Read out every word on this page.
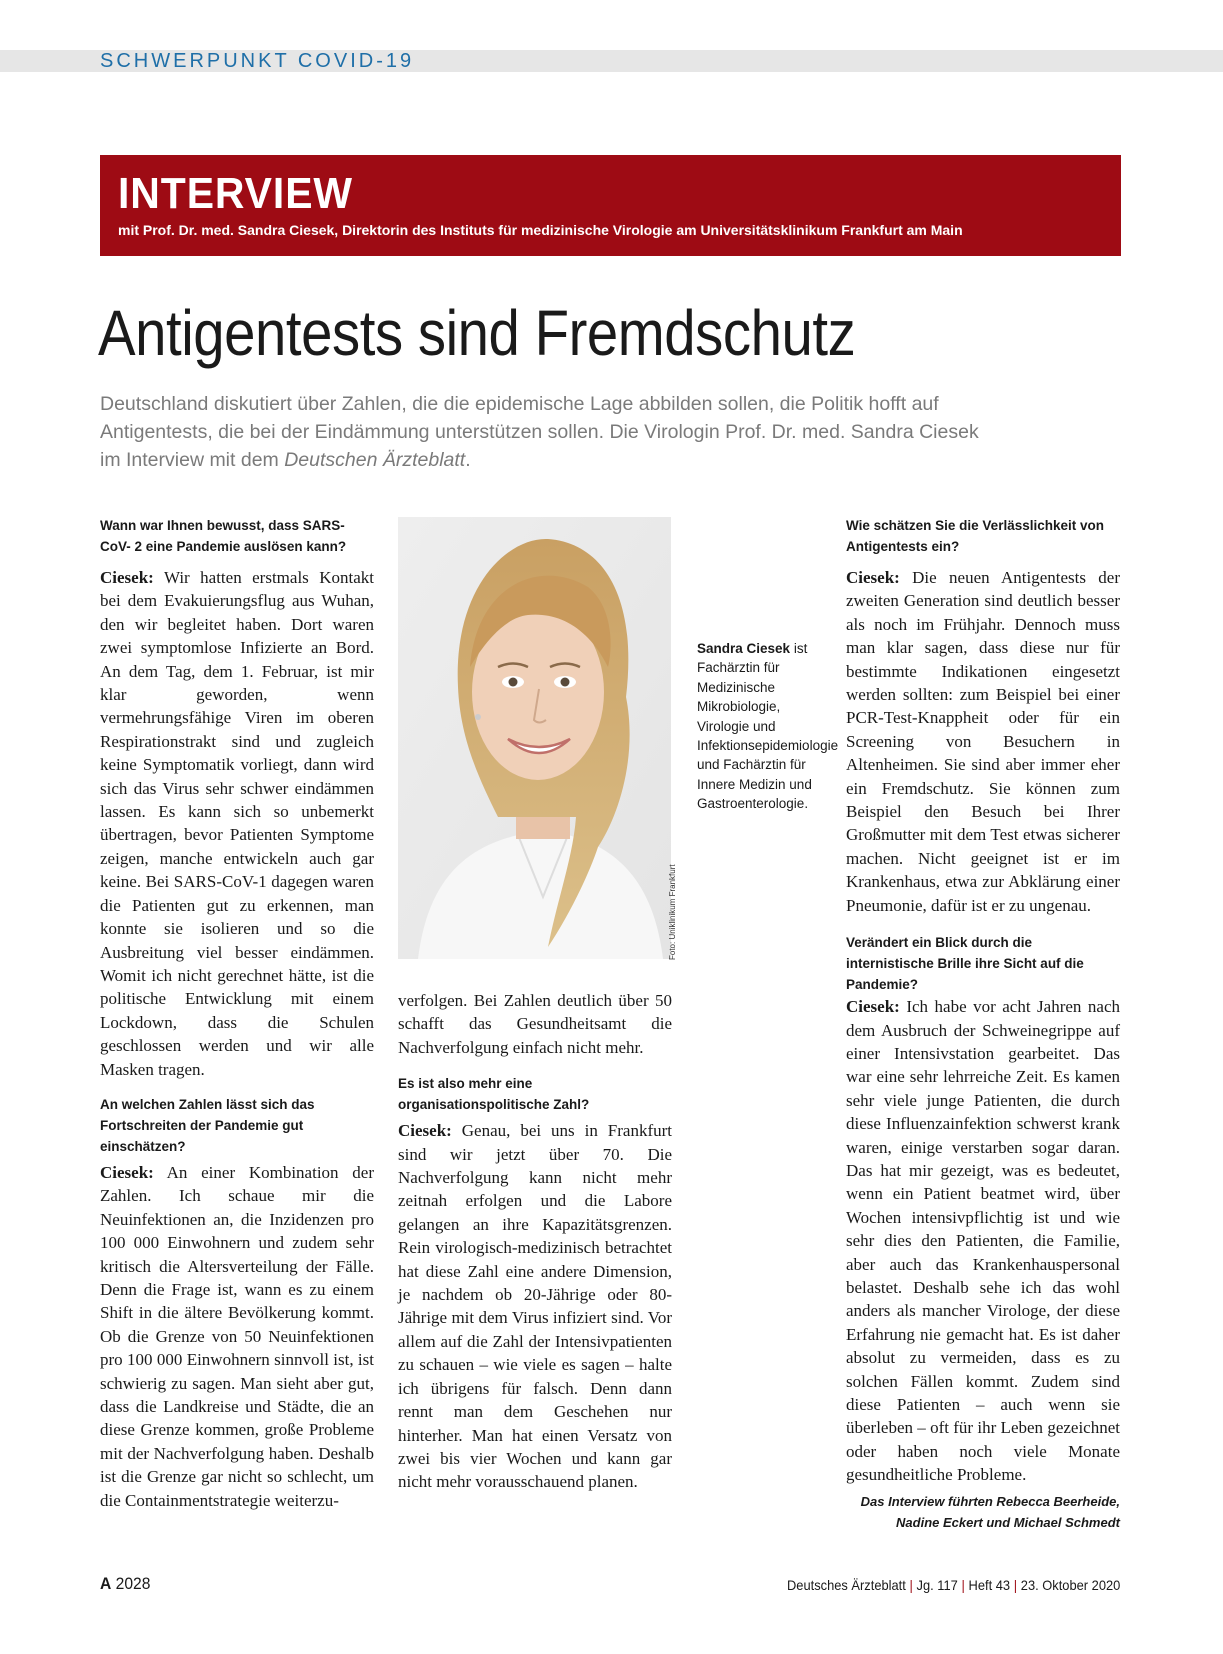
SCHWERPUNKT COVID-19
INTERVIEW
mit Prof. Dr. med. Sandra Ciesek, Direktorin des Instituts für medizinische Virologie am Universitätsklinikum Frankfurt am Main
Antigentests sind Fremdschutz
Deutschland diskutiert über Zahlen, die die epidemische Lage abbilden sollen, die Politik hofft auf
Antigentests, die bei der Eindämmung unterstützen sollen. Die Virologin Prof. Dr. med. Sandra Ciesek
im Interview mit dem Deutschen Ärzteblatt.

Wann war Ihnen bewusst, dass SARS-CoV- 2 eine Pandemie auslösen kann?

Ciesek: Wir hatten erstmals Kontakt bei dem Evakuierungsflug aus Wuhan, den wir begleitet haben. Dort waren zwei symptomlose Infizierte an Bord. An dem Tag, dem 1. Februar, ist mir klar geworden, wenn vermehrungsfähige Viren im oberen Respirationstrakt sind und zugleich keine Symptomatik vorliegt, dann wird sich das Virus sehr schwer eindämmen lassen. Es kann sich so unbemerkt übertragen, bevor Patienten Symptome zeigen, manche entwickeln auch gar keine. Bei SARS-CoV-1 dagegen waren die Patienten gut zu erkennen, man konnte sie isolieren und so die Ausbreitung viel besser eindämmen. Womit ich nicht gerechnet hätte, ist die politische Entwicklung mit einem Lockdown, dass die Schulen geschlossen werden und wir alle Masken tragen.

An welchen Zahlen lässt sich das Fortschreiten der Pandemie gut einschätzen?

Ciesek: An einer Kombination der Zahlen. Ich schaue mir die Neuinfektionen an, die Inzidenzen pro 100 000 Einwohnern und zudem sehr kritisch die Altersverteilung der Fälle. Denn die Frage ist, wann es zu einem Shift in die ältere Bevölkerung kommt. Ob die Grenze von 50 Neuinfektionen pro 100 000 Einwohnern sinnvoll ist, ist schwierig zu sagen. Man sieht aber gut, dass die Landkreise und Städte, die an diese Grenze kommen, große Probleme mit der Nachverfolgung haben. Deshalb ist die Grenze gar nicht so schlecht, um die Containmentstrategie weiterzu-

Foto: Uniklinikum Frankfurt
Sandra Ciesek ist Fachärztin für Medizinische Mikrobiologie, Virologie und Infektionsepidemiologie und Fachärztin für Innere Medizin und Gastroenterologie.

verfolgen. Bei Zahlen deutlich über 50 schafft das Gesundheitsamt die Nachverfolgung einfach nicht mehr.

Es ist also mehr eine organisationspolitische Zahl?

Ciesek: Genau, bei uns in Frankfurt sind wir jetzt über 70. Die Nachverfolgung kann nicht mehr zeitnah erfolgen und die Labore gelangen an ihre Kapazitätsgrenzen. Rein virologisch-medizinisch betrachtet hat diese Zahl eine andere Dimension, je nachdem ob 20-Jährige oder 80-Jährige mit dem Virus infiziert sind. Vor allem auf die Zahl der Intensivpatienten zu schauen – wie viele es sagen – halte ich übrigens für falsch. Denn dann rennt man dem Geschehen nur hinterher. Man hat einen Versatz von zwei bis vier Wochen und kann gar nicht mehr vorausschauend planen.

Wie schätzen Sie die Verlässlichkeit von Antigentests ein?

Ciesek: Die neuen Antigentests der zweiten Generation sind deutlich besser als noch im Frühjahr. Dennoch muss man klar sagen, dass diese nur für bestimmte Indikationen eingesetzt werden sollten: zum Beispiel bei einer PCR-Test-Knappheit oder für ein Screening von Besuchern in Altenheimen. Sie sind aber immer eher ein Fremdschutz. Sie können zum Beispiel den Besuch bei Ihrer Großmutter mit dem Test etwas sicherer machen. Nicht geeignet ist er im Krankenhaus, etwa zur Abklärung einer Pneumonie, dafür ist er zu ungenau.

Verändert ein Blick durch die internistische Brille ihre Sicht auf die Pandemie?

Ciesek: Ich habe vor acht Jahren nach dem Ausbruch der Schweinegrippe auf einer Intensivstation gearbeitet. Das war eine sehr lehrreiche Zeit. Es kamen sehr viele junge Patienten, die durch diese Influenzainfektion schwerst krank waren, einige verstarben sogar daran. Das hat mir gezeigt, was es bedeutet, wenn ein Patient beatmet wird, über Wochen intensivpflichtig ist und wie sehr dies den Patienten, die Familie, aber auch das Krankenhauspersonal belastet. Deshalb sehe ich das wohl anders als mancher Virologe, der diese Erfahrung nie gemacht hat. Es ist daher absolut zu vermeiden, dass es zu solchen Fällen kommt. Zudem sind diese Patienten – auch wenn sie überleben – oft für ihr Leben gezeichnet oder haben noch viele Monate gesundheitliche Probleme.

Das Interview führten Rebecca Beerheide,
Nadine Eckert und Michael Schmedt
A 2028	Deutsches Ärzteblatt | Jg. 117 | Heft 43 | 23. Oktober 2020
